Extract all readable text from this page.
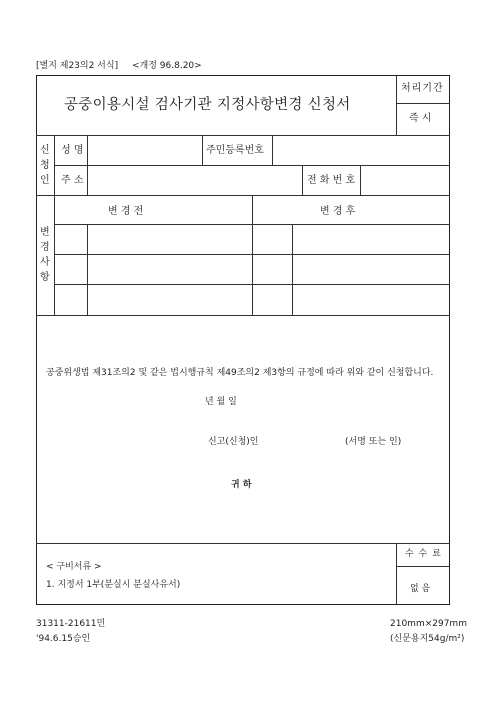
[별지 제23의2 서식] <개정 96.8.20>
공중이용시설 검사기관 지정사항변경 신청서
처리기간
즉 시
신
청
인
성 명	주민등록번호
주 소	전 화 번 호
변
경
사
항
변 경 전	변 경 후
공중위생법 제31조의2 및 같은 법시행규칙 제49조의2 제3항의 규정에 따라 위와 같이 신청합니다.
년 월 일
신고(신청)인	(서명 또는 인)
귀 하
< 구비서류 >
1. 지정서 1부(분실시 분실사유서)
수 수 료
없 음
31311-21611민
'94.6.15승인
210mm×297mm
(신문용지54g/m²)
